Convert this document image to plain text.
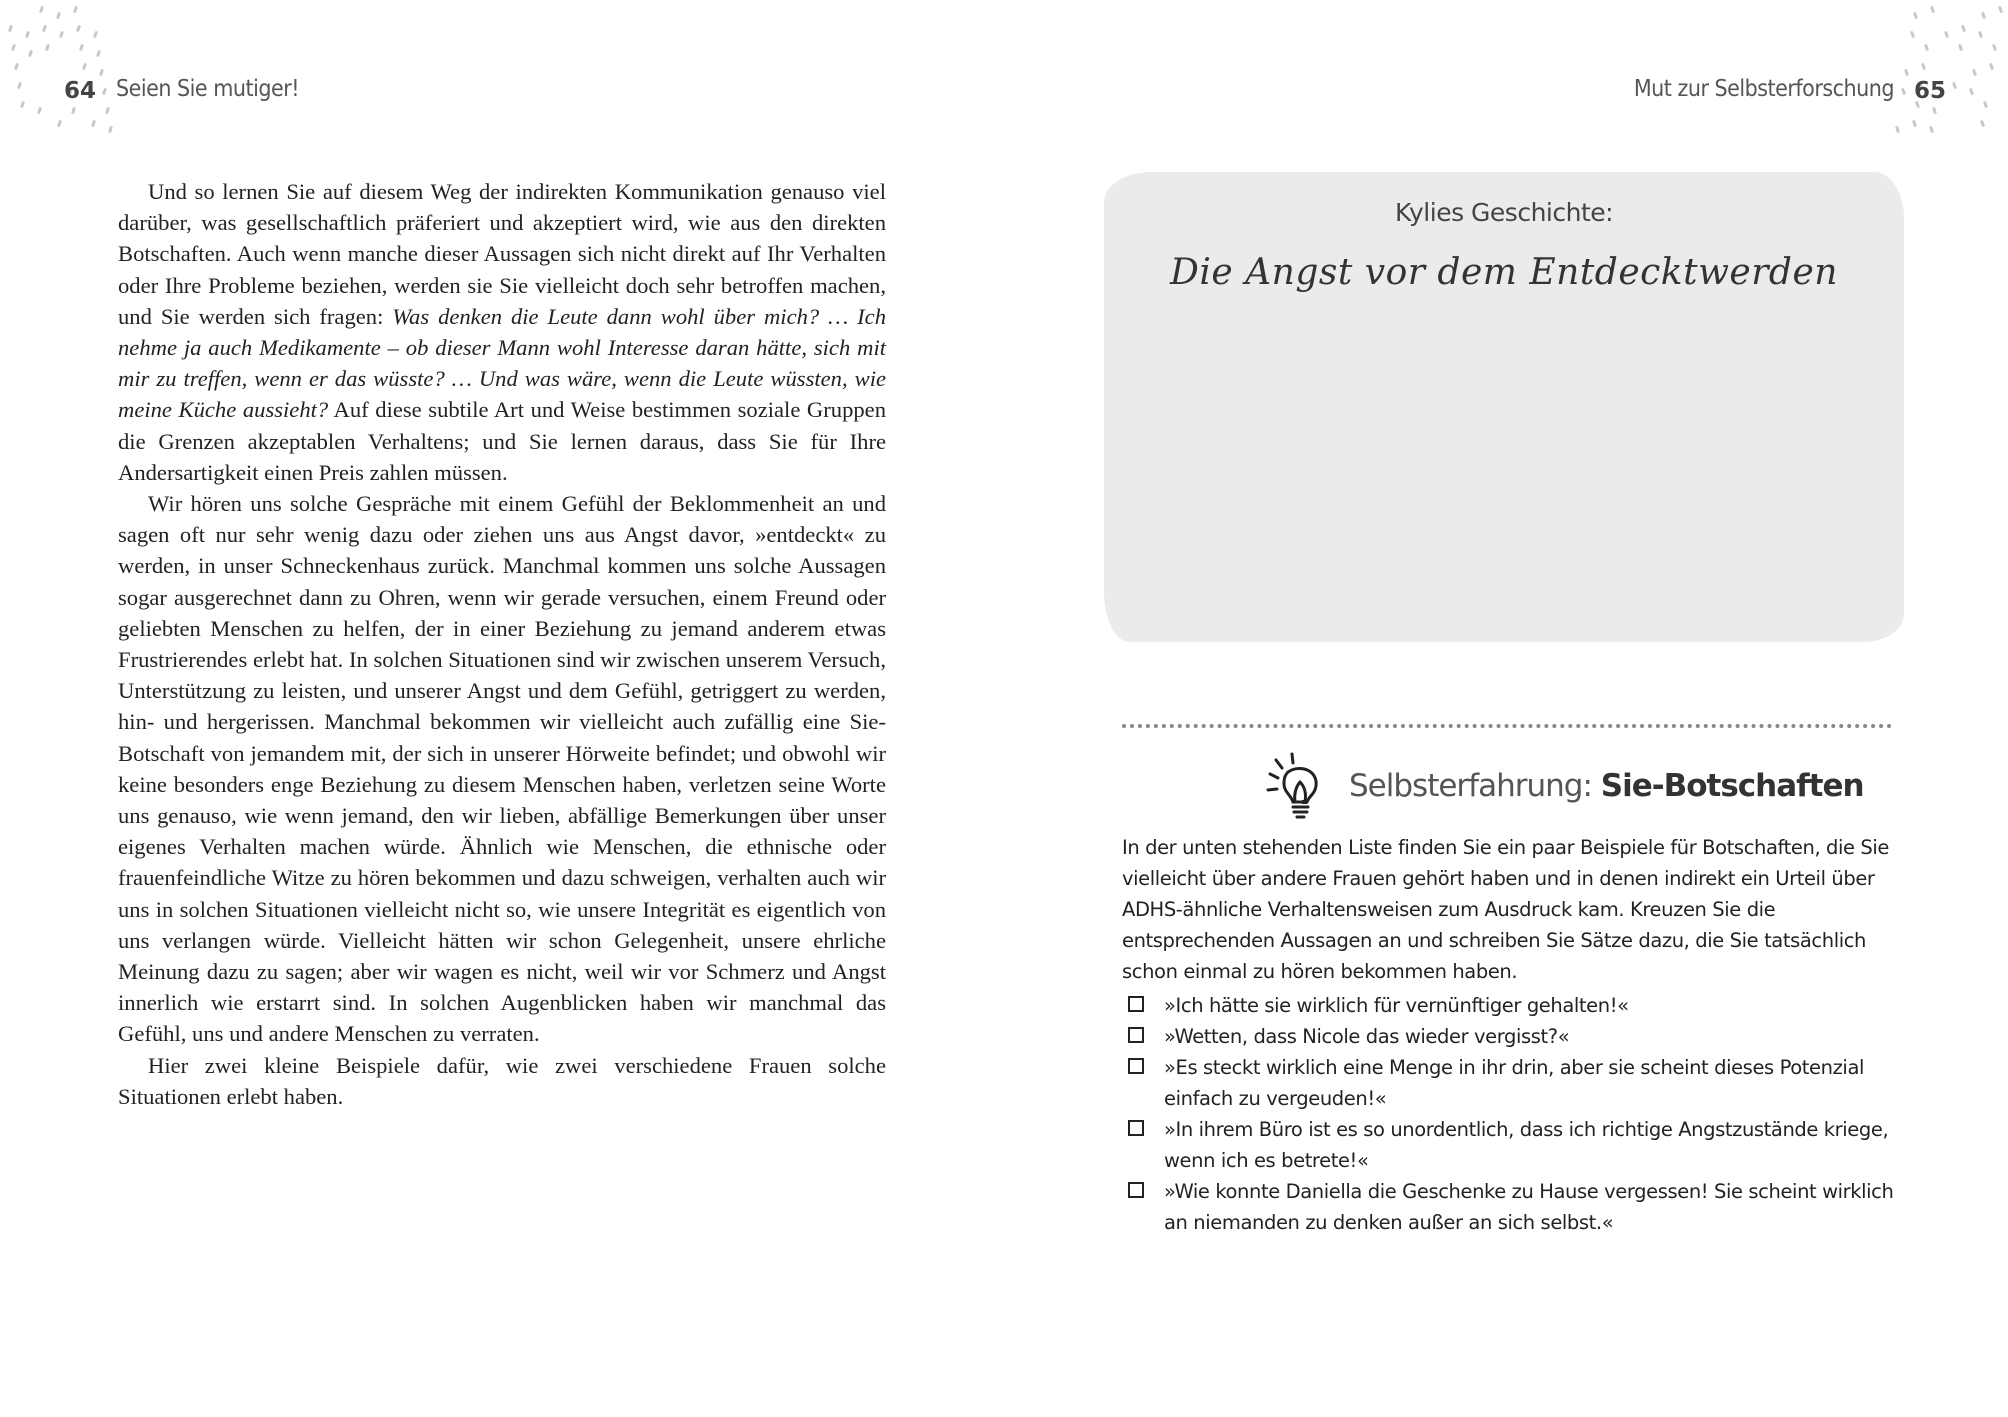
64 Seien Sie mutiger!

Und so lernen Sie auf diesem Weg der indirekten Kommunikation genauso viel darüber, was gesellschaftlich präferiert und akzeptiert wird, wie aus den direkten Botschaften. Auch wenn manche dieser Aussagen sich nicht direkt auf Ihr Verhalten oder Ihre Probleme beziehen, werden sie Sie vielleicht doch sehr betroffen machen, und Sie werden sich fragen: Was denken die Leute dann wohl über mich? … Ich nehme ja auch Medikamente – ob dieser Mann wohl Interesse daran hätte, sich mit mir zu treffen, wenn er das wüsste? … Und was wäre, wenn die Leute wüssten, wie meine Küche aussieht? Auf diese subtile Art und Weise bestimmen soziale Gruppen die Grenzen akzeptablen Verhaltens; und Sie lernen daraus, dass Sie für Ihre Andersartigkeit einen Preis zahlen müssen.

Wir hören uns solche Gespräche mit einem Gefühl der Beklommenheit an und sagen oft nur sehr wenig dazu oder ziehen uns aus Angst davor, »entdeckt« zu werden, in unser Schneckenhaus zurück. Manchmal kommen uns solche Aussagen sogar ausgerechnet dann zu Ohren, wenn wir gerade versuchen, einem Freund oder geliebten Menschen zu helfen, der in einer Beziehung zu jemand anderem etwas Frustrierendes erlebt hat. In solchen Situationen sind wir zwischen unserem Versuch, Unterstützung zu leisten, und unserer Angst und dem Gefühl, getriggert zu werden, hin- und hergerissen. Manchmal bekommen wir vielleicht auch zufällig eine Sie-Botschaft von jemandem mit, der sich in unserer Hörweite befindet; und obwohl wir keine besonders enge Beziehung zu diesem Menschen haben, verletzen seine Worte uns genauso, wie wenn jemand, den wir lieben, abfällige Bemerkungen über unser eigenes Verhalten machen würde. Ähnlich wie Menschen, die ethnische oder frauenfeindliche Witze zu hören bekommen und dazu schweigen, verhalten auch wir uns in solchen Situationen vielleicht nicht so, wie unsere Integrität es eigentlich von uns verlangen würde. Vielleicht hätten wir schon Gelegenheit, unsere ehrliche Meinung dazu zu sagen; aber wir wagen es nicht, weil wir vor Schmerz und Angst innerlich wie erstarrt sind. In solchen Augenblicken haben wir manchmal das Gefühl, uns und andere Menschen zu verraten.

Hier zwei kleine Beispiele dafür, wie zwei verschiedene Frauen solche Situationen erlebt haben.

Mut zur Selbsterforschung 65
Kylies Geschichte:
Die Angst vor dem Entdecktwerden
Selbsterfahrung: Sie-Botschaften
In der unten stehenden Liste finden Sie ein paar Beispiele für Botschaften, die Sie vielleicht über andere Frauen gehört haben und in denen indirekt ein Urteil über ADHS-ähnliche Verhaltensweisen zum Ausdruck kam. Kreuzen Sie die entsprechenden Aussagen an und schreiben Sie Sätze dazu, die Sie tatsächlich schon einmal zu hören bekommen haben.
»Ich hätte sie wirklich für vernünftiger gehalten!«
»Wetten, dass Nicole das wieder vergisst?«
»Es steckt wirklich eine Menge in ihr drin, aber sie scheint dieses Potenzial einfach zu vergeuden!«
»In ihrem Büro ist es so unordentlich, dass ich richtige Angstzustände kriege, wenn ich es betrete!«
»Wie konnte Daniella die Geschenke zu Hause vergessen! Sie scheint wirklich an niemanden zu denken außer an sich selbst.«
